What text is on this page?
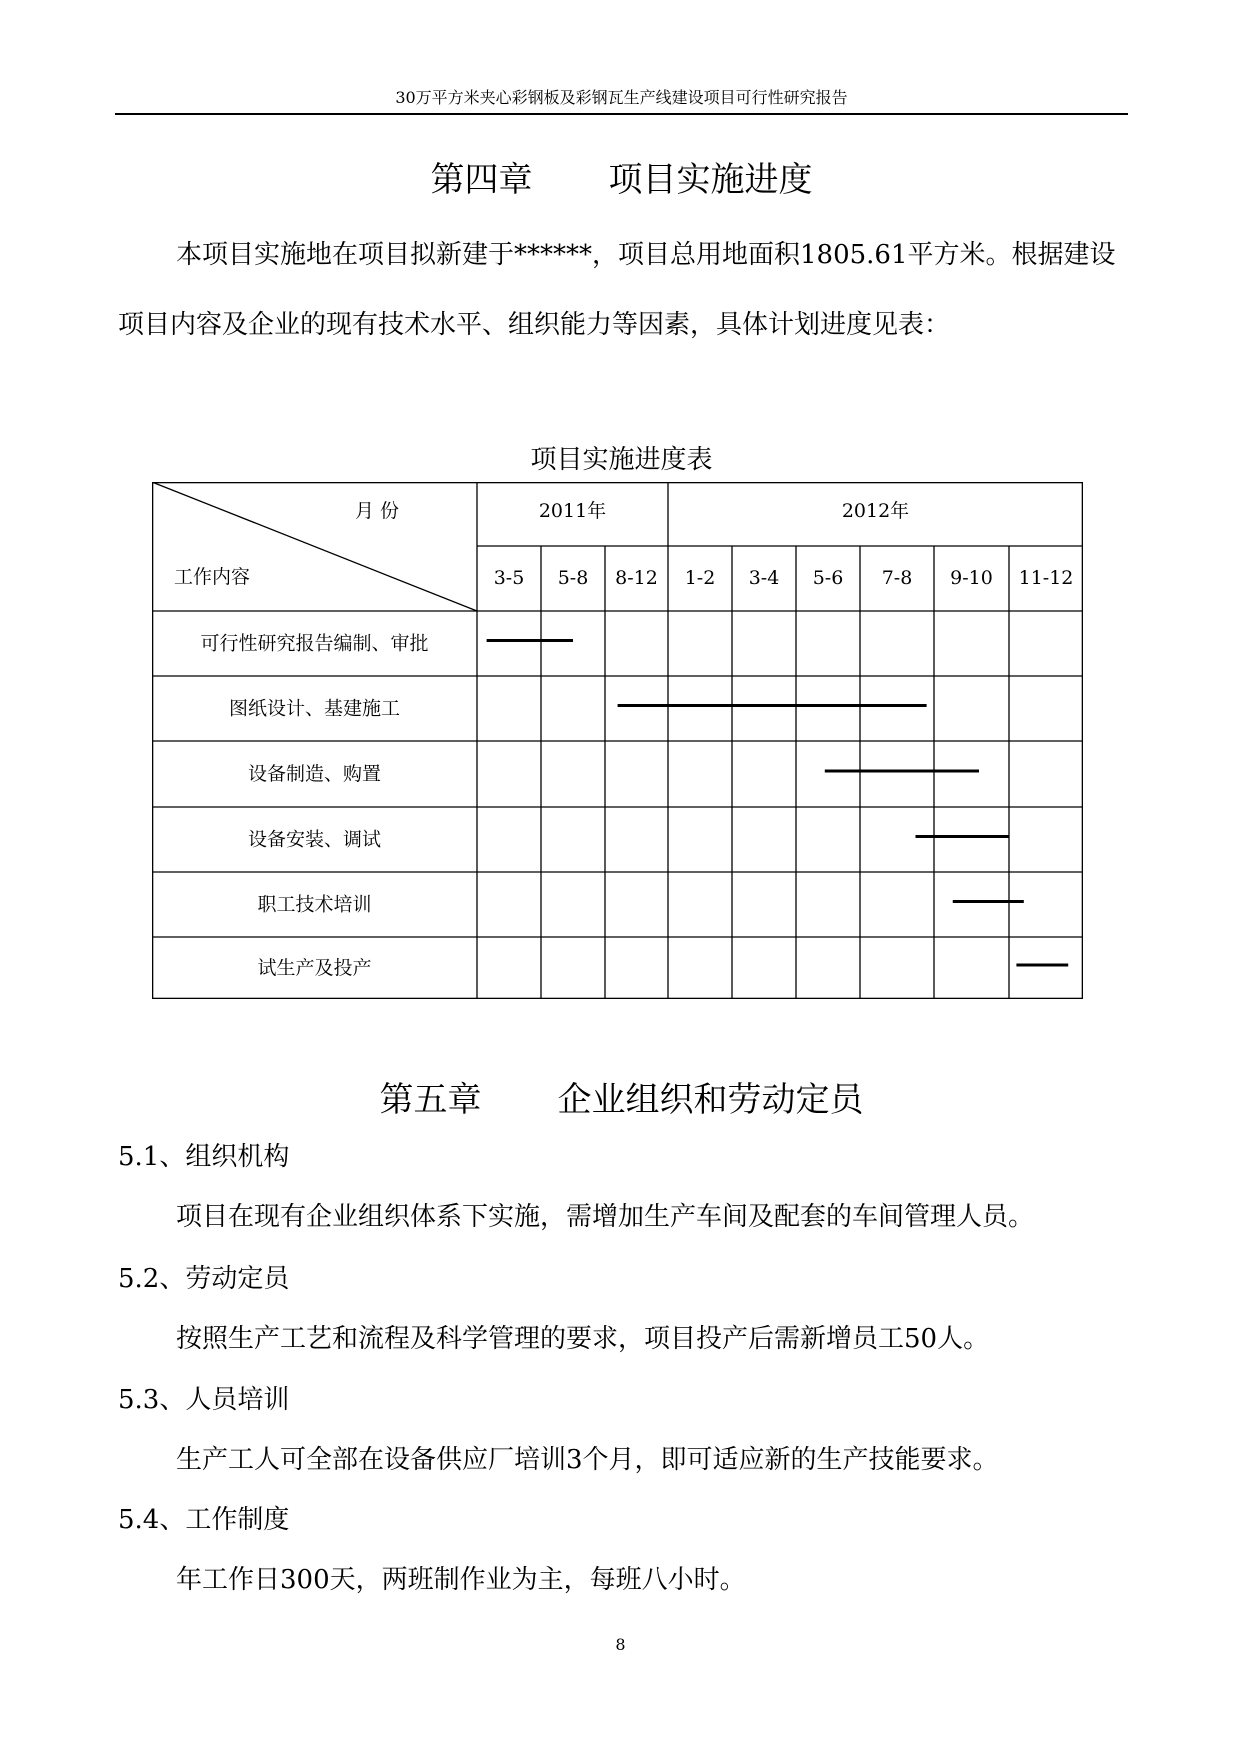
30万平方米夹心彩钢板及彩钢瓦生产线建设项目可行性研究报告
第四章 项目实施进度
本项目实施地在项目拟新建于******，项目总用地面积1805.61平方米。根据建设项目内容及企业的现有技术水平、组织能力等因素，具体计划进度见表：
项目实施进度表
月 份
工作内容
2011年	2012年
3-5 5-8 8-12 1-2 3-4 5-6 7-8 9-10 11-12
可行性研究报告编制、审批
图纸设计、基建施工
设备制造、购置
设备安装、调试
职工技术培训
试生产及投产
第五章 企业组织和劳动定员
5.1、组织机构
项目在现有企业组织体系下实施，需增加生产车间及配套的车间管理人员。
5.2、劳动定员
按照生产工艺和流程及科学管理的要求，项目投产后需新增员工50人。
5.3、人员培训
生产工人可全部在设备供应厂培训3个月，即可适应新的生产技能要求。
5.4、工作制度
年工作日300天，两班制作业为主，每班八小时。
8
